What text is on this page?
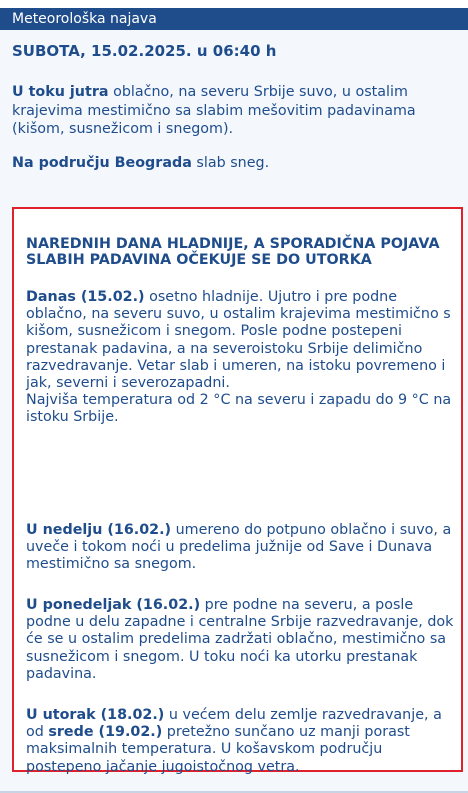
Meteorološka najava
SUBOTA, 15.02.2025. u 06:40 h
U toku jutra oblačno, na severu Srbije suvo, u ostalim krajevima mestimično sa slabim mešovitim padavinama (kišom, susnežicom i snegom).
Na području Beograda slab sneg.
NAREDNIH DANA HLADNIJE, A SPORADIČNA POJAVA SLABIH PADAVINA OČEKUJE SE DO UTORKA
Danas (15.02.) osetno hladnije. Ujutro i pre podne oblačno, na severu suvo, u ostalim krajevima mestimično s kišom, susnežicom i snegom. Posle podne postepeni prestanak padavina, a na severoistoku Srbije delimično razvedravanje. Vetar slab i umeren, na istoku povremeno i jak, severni i severozapadni.
Najviša temperatura od 2 °C na severu i zapadu do 9 °C na istoku Srbije.
U nedelju (16.02.) umereno do potpuno oblačno i suvo, a uveče i tokom noći u predelima južnije od Save i Dunava mestimično sa snegom.
U ponedeljak (16.02.) pre podne na severu, a posle podne u delu zapadne i centralne Srbije razvedravanje, dok će se u ostalim predelima zadržati oblačno, mestimično sa susnežicom i snegom. U toku noći ka utorku prestanak padavina.
U utorak (18.02.) u većem delu zemlje razvedravanje, a od srede (19.02.) pretežno sunčano uz manji porast maksimalnih temperatura. U košavskom području postepeno jačanje jugoistočnog vetra.
